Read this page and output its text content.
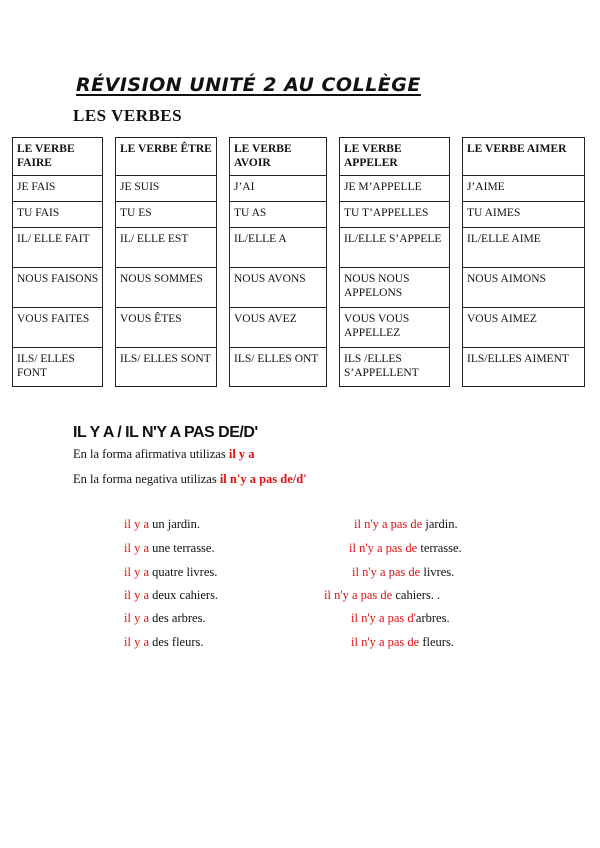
RÉVISION UNITÉ 2 AU COLLÈGE
LES VERBES
LE VERBE FAIRE
JE FAIS
TU FAIS
IL/ ELLE FAIT
NOUS FAISONS
VOUS FAITES
ILS/ ELLES FONT
LE VERBE ÊTRE
JE SUIS
TU ES
IL/ ELLE EST
NOUS SOMMES
VOUS ÊTES
ILS/ ELLES SONT
LE VERBE AVOIR
J’AI
TU AS
IL/ELLE A
NOUS AVONS
VOUS AVEZ
ILS/ ELLES ONT
LE VERBE APPELER
JE M’APPELLE
TU T’APPELLES
IL/ELLE S’APPELE
NOUS NOUS APPELONS
VOUS VOUS APPELLEZ
ILS /ELLES S’APPELLENT
LE VERBE AIMER
J’AIME
TU AIMES
IL/ELLE AIME
NOUS AIMONS
VOUS AIMEZ
ILS/ELLES AIMENT
IL Y A / IL N'Y A PAS DE/D'
En la forma afirmativa utilizas il y a
En la forma negativa utilizas il n'y a pas de/d'
il y a un jardin.
il y a une terrasse.
il y a quatre livres.
il y a deux cahiers.
il y a des arbres.
il y a des fleurs.
il n'y a pas de jardin.
il n'y a pas de terrasse.
il n'y a pas de livres.
il n'y a pas de cahiers. .
il n'y a pas d'arbres.
il n'y a pas de fleurs.
